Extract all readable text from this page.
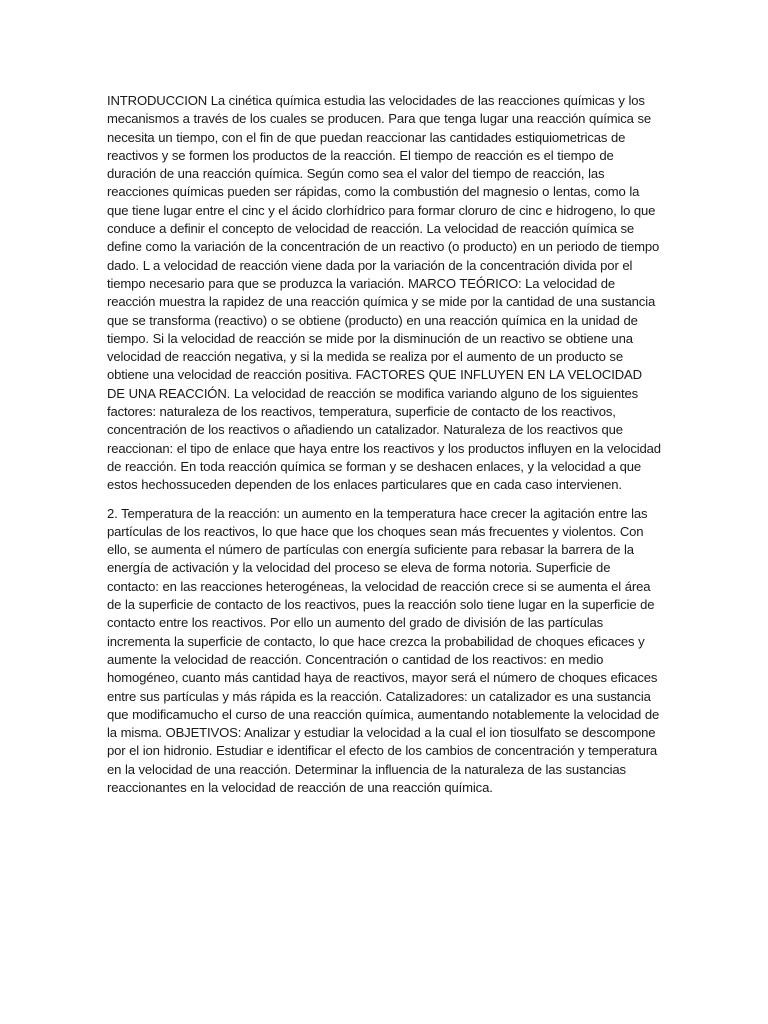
INTRODUCCION La cinética química estudia las velocidades de las reacciones químicas y los mecanismos a través de los cuales se producen. Para que tenga lugar una reacción química se necesita un tiempo, con el fin de que puedan reaccionar las cantidades estiquiometricas de reactivos y se formen los productos de la reacción. El tiempo de reacción es el tiempo de duración de una reacción química. Según como sea el valor del tiempo de reacción, las reacciones químicas pueden ser rápidas, como la combustión del magnesio o lentas, como la que tiene lugar entre el cinc y el ácido clorhídrico para formar cloruro de cinc e hidrogeno, lo que conduce a definir el concepto de velocidad de reacción. La velocidad de reacción química se define como la variación de la concentración de un reactivo (o producto) en un periodo de tiempo dado. L a velocidad de reacción viene dada por la variación de la concentración divida por el tiempo necesario para que se produzca la variación. MARCO TEÓRICO: La velocidad de reacción muestra la rapidez de una reacción química y se mide por la cantidad de una sustancia que se transforma (reactivo) o se obtiene (producto) en una reacción química en la unidad de tiempo. Si la velocidad de reacción se mide por la disminución de un reactivo se obtiene una velocidad de reacción negativa, y si la medida se realiza por el aumento de un producto se obtiene una velocidad de reacción positiva. FACTORES QUE INFLUYEN EN LA VELOCIDAD DE UNA REACCIÓN. La velocidad de reacción se modifica variando alguno de los siguientes factores: naturaleza de los reactivos, temperatura, superficie de contacto de los reactivos, concentración de los reactivos o añadiendo un catalizador. Naturaleza de los reactivos que reaccionan: el tipo de enlace que haya entre los reactivos y los productos influyen en la velocidad de reacción. En toda reacción química se forman y se deshacen enlaces, y la velocidad a que estos hechossuceden dependen de los enlaces particulares que en cada caso intervienen.

2. Temperatura de la reacción: un aumento en la temperatura hace crecer la agitación entre las partículas de los reactivos, lo que hace que los choques sean más frecuentes y violentos. Con ello, se aumenta el número de partículas con energía suficiente para rebasar la barrera de la energía de activación y la velocidad del proceso se eleva de forma notoria. Superficie de contacto: en las reacciones heterogéneas, la velocidad de reacción crece si se aumenta el área de la superficie de contacto de los reactivos, pues la reacción solo tiene lugar en la superficie de contacto entre los reactivos. Por ello un aumento del grado de división de las partículas incrementa la superficie de contacto, lo que hace crezca la probabilidad de choques eficaces y aumente la velocidad de reacción. Concentración o cantidad de los reactivos: en medio homogéneo, cuanto más cantidad haya de reactivos, mayor será el número de choques eficaces entre sus partículas y más rápida es la reacción. Catalizadores: un catalizador es una sustancia que modificamucho el curso de una reacción química, aumentando notablemente la velocidad de la misma. OBJETIVOS: Analizar y estudiar la velocidad a la cual el ion tiosulfato se descompone por el ion hidronio. Estudiar e identificar el efecto de los cambios de concentración y temperatura en la velocidad de una reacción. Determinar la influencia de la naturaleza de las sustancias reaccionantes en la velocidad de reacción de una reacción química.
